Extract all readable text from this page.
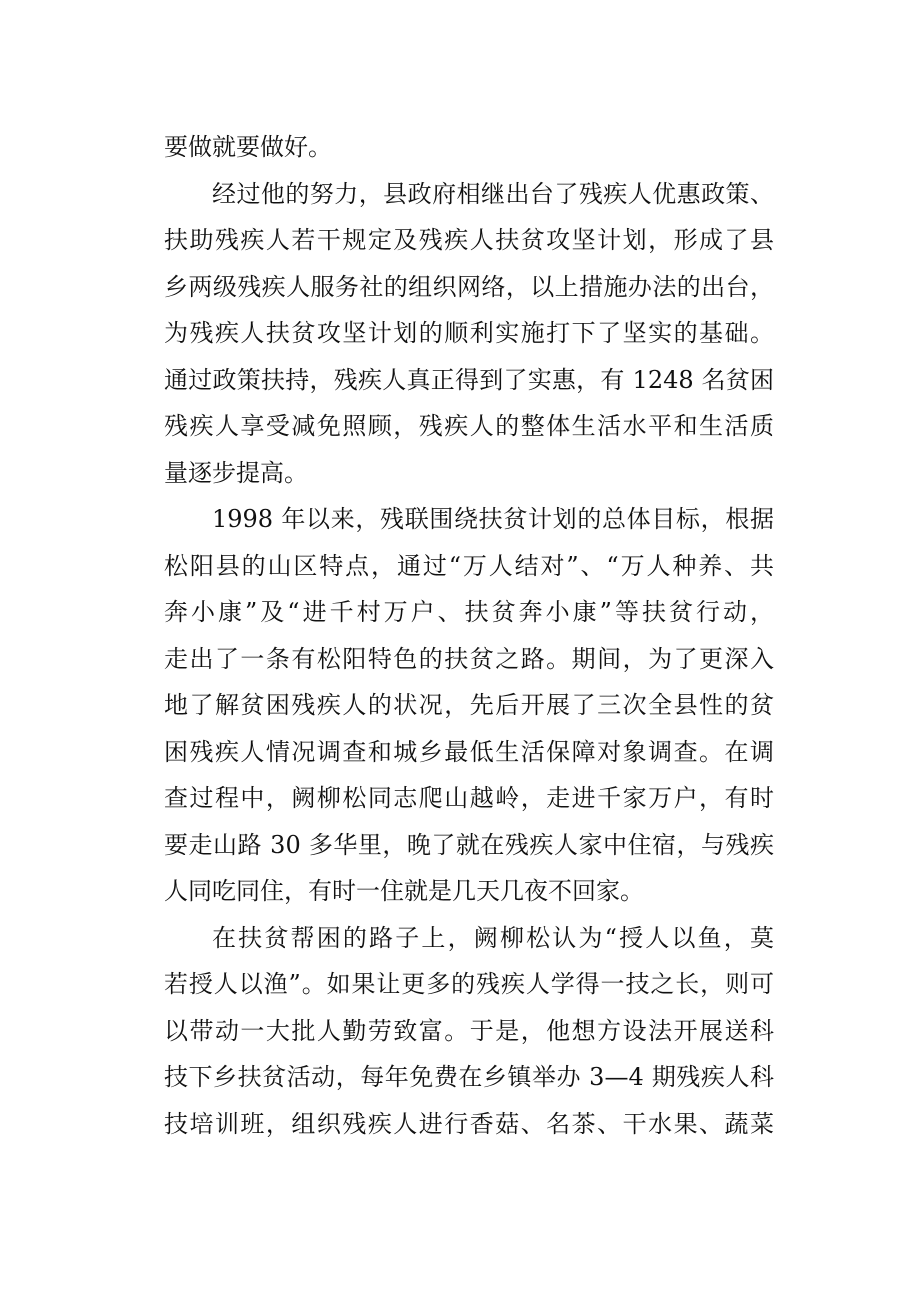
要做就要做好。
经过他的努力，县政府相继出台了残疾人优惠政策、
扶助残疾人若干规定及残疾人扶贫攻坚计划，形成了县
乡两级残疾人服务社的组织网络，以上措施办法的出台，
为残疾人扶贫攻坚计划的顺利实施打下了坚实的基础。
通过政策扶持，残疾人真正得到了实惠，有 1248 名贫困
残疾人享受减免照顾，残疾人的整体生活水平和生活质
量逐步提高。
1998 年以来，残联围绕扶贫计划的总体目标，根据
松阳县的山区特点，通过“万人结对”、“万人种养、共
奔小康”及“进千村万户、扶贫奔小康”等扶贫行动，
走出了一条有松阳特色的扶贫之路。期间，为了更深入
地了解贫困残疾人的状况，先后开展了三次全县性的贫
困残疾人情况调查和城乡最低生活保障对象调查。在调
查过程中，阙柳松同志爬山越岭，走进千家万户，有时
要走山路 30 多华里，晚了就在残疾人家中住宿，与残疾
人同吃同住，有时一住就是几天几夜不回家。
在扶贫帮困的路子上，阙柳松认为“授人以鱼，莫
若授人以渔”。如果让更多的残疾人学得一技之长，则可
以带动一大批人勤劳致富。于是，他想方设法开展送科
技下乡扶贫活动，每年免费在乡镇举办 3—4 期残疾人科
技培训班，组织残疾人进行香菇、名茶、干水果、蔬菜
